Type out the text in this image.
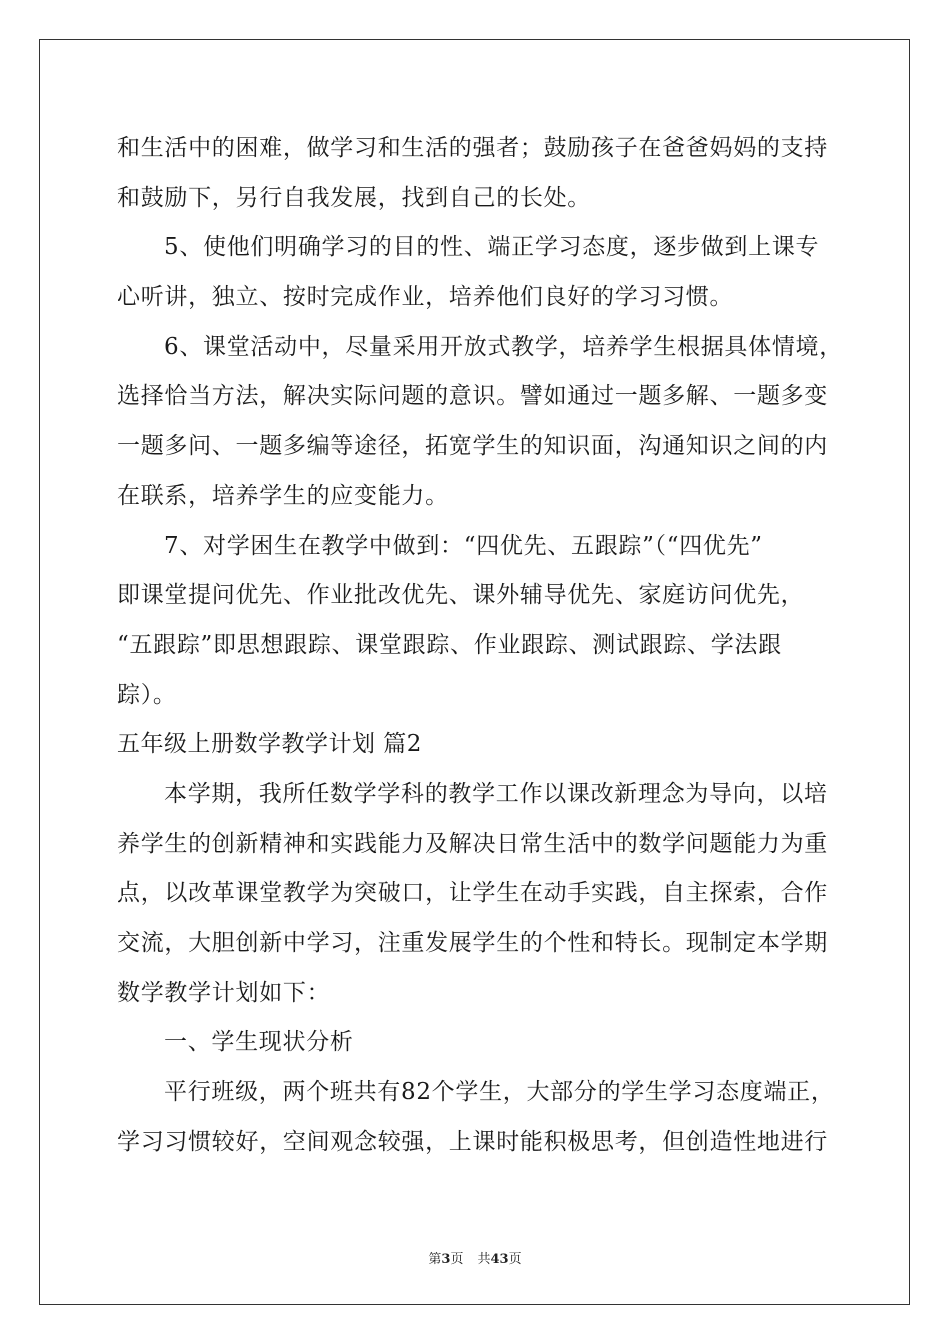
和生活中的困难，做学习和生活的强者；鼓励孩子在爸爸妈妈的支持
和鼓励下，另行自我发展，找到自己的长处。
5、使他们明确学习的目的性、端正学习态度，逐步做到上课专
心听讲，独立、按时完成作业，培养他们良好的学习习惯。
6、课堂活动中，尽量采用开放式教学，培养学生根据具体情境，
选择恰当方法，解决实际问题的意识。譬如通过一题多解、一题多变
一题多问、一题多编等途径，拓宽学生的知识面，沟通知识之间的内
在联系，培养学生的应变能力。
7、对学困生在教学中做到：“四优先、五跟踪”（“四优先”
即课堂提问优先、作业批改优先、课外辅导优先、家庭访问优先，
“五跟踪”即思想跟踪、课堂跟踪、作业跟踪、测试跟踪、学法跟
踪）。
五年级上册数学教学计划 篇2
本学期，我所任数学学科的教学工作以课改新理念为导向，以培
养学生的创新精神和实践能力及解决日常生活中的数学问题能力为重
点，以改革课堂教学为突破口，让学生在动手实践，自主探索，合作
交流，大胆创新中学习，注重发展学生的个性和特长。现制定本学期
数学教学计划如下：
一、学生现状分析
平行班级，两个班共有82个学生，大部分的学生学习态度端正，
学习习惯较好，空间观念较强，上课时能积极思考，但创造性地进行
第3页 共43页
